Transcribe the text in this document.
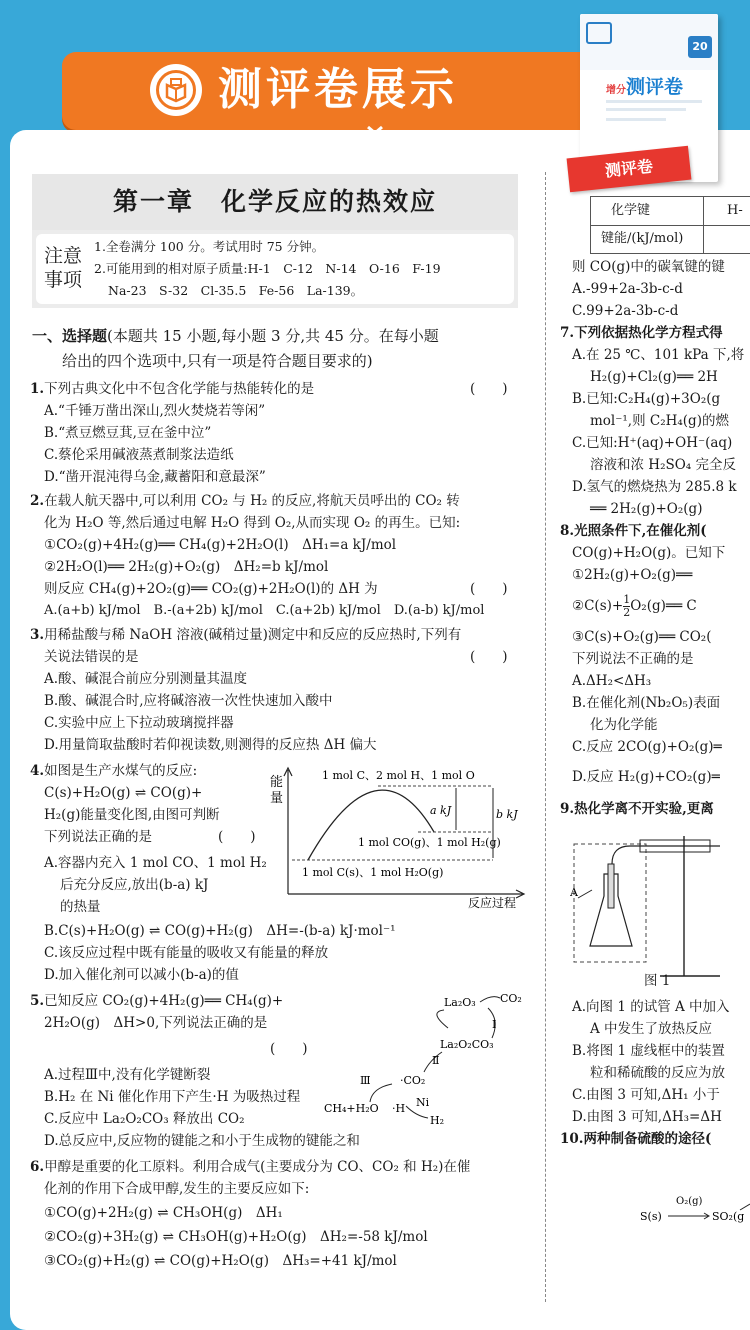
测评卷展示
20
增分测评卷
测评卷
第一章　化学反应的热效应
注意
事项
1.全卷满分 100 分。考试用时 75 分钟。
2.可能用到的相对原子质量:H-1　C-12　N-14　O-16　F-19
Na-23　S-32　Cl-35.5　Fe-56　La-139。
一、选择题(本题共 15 小题,每小题 3 分,共 45 分。在每小题
给出的四个选项中,只有一项是符合题目要求的)
1.下列古典文化中不包含化学能与热能转化的是	(　　)
A.“千锤万凿出深山,烈火焚烧若等闲”
B.“煮豆燃豆萁,豆在釜中泣”
C.蔡伦采用碱液蒸煮制浆法造纸
D.“凿开混沌得乌金,藏蓄阳和意最深”
2.在载人航天器中,可以利用 CO₂ 与 H₂ 的反应,将航天员呼出的 CO₂ 转
化为 H₂O 等,然后通过电解 H₂O 得到 O₂,从而实现 O₂ 的再生。已知:
①CO₂(g)+4H₂(g)══ CH₄(g)+2H₂O(l)　ΔH₁=a kJ/mol
②2H₂O(l)══ 2H₂(g)+O₂(g)　ΔH₂=b kJ/mol
则反应 CH₄(g)+2O₂(g)══ CO₂(g)+2H₂O(l)的 ΔH 为	(　　)
A.(a+b) kJ/mol　B.-(a+2b) kJ/mol　C.(a+2b) kJ/mol　D.(a-b) kJ/mol
3.用稀盐酸与稀 NaOH 溶液(碱稍过量)测定中和反应的反应热时,下列有
关说法错误的是	(　　)
A.酸、碱混合前应分别测量其温度
B.酸、碱混合时,应将碱溶液一次性快速加入酸中
C.实验中应上下拉动玻璃搅拌器
D.用量筒取盐酸时若仰视读数,则测得的反应热 ΔH 偏大
4.如图是生产水煤气的反应:
C(s)+H₂O(g) ⇌ CO(g)+
H₂(g)能量变化图,由图可判断
下列说法正确的是	(　　)
A.容器内充入 1 mol CO、1 mol H₂
后充分反应,放出(b-a) kJ
的热量
B.C(s)+H₂O(g) ⇌ CO(g)+H₂(g)　ΔH=-(b-a) kJ·mol⁻¹
C.该反应过程中既有能量的吸收又有能量的释放
D.加入催化剂可以减小(b-a)的值
能
量
反应过程
1 mol C、2 mol H、1 mol O
a kJ	b kJ
1 mol CO(g)、1 mol H₂(g)
1 mol C(s)、1 mol H₂O(g)
5.已知反应 CO₂(g)+4H₂(g)══ CH₄(g)+
2H₂O(g)　ΔH>0,下列说法正确的是
(　　)
A.过程Ⅲ中,没有化学键断裂
B.H₂ 在 Ni 催化作用下产生·H 为吸热过程
C.反应中 La₂O₂CO₃ 释放出 CO₂
D.总反应中,反应物的键能之和小于生成物的键能之和
La₂O₃ CO₂
Ⅰ
La₂O₂CO₃
Ⅱ
·CO₂
Ⅲ
·H Ni
CH₄+H₂O
H₂
6.甲醇是重要的化工原料。利用合成气(主要成分为 CO、CO₂ 和 H₂)在催
化剂的作用下合成甲醇,发生的主要反应如下:
①CO(g)+2H₂(g) ⇌ CH₃OH(g)　ΔH₁
②CO₂(g)+3H₂(g) ⇌ CH₃OH(g)+H₂O(g)　ΔH₂=-58 kJ/mol
③CO₂(g)+H₂(g) ⇌ CO(g)+H₂O(g)　ΔH₃=+41 kJ/mol
化学键	H-
键能/(kJ/mol)
则 CO(g)中的碳氧键的键
A.-99+2a-3b-c-d
C.99+2a-3b-c-d
7.下列依据热化学方程式得
A.在 25 ℃、101 kPa 下,将
H₂(g)+Cl₂(g)══ 2H
B.已知:C₂H₄(g)+3O₂(g
mol⁻¹,则 C₂H₄(g)的燃
C.已知:H⁺(aq)+OH⁻(aq)
溶液和浓 H₂SO₄ 完全反
D.氢气的燃烧热为 285.8 k
══ 2H₂(g)+O₂(g)
8.光照条件下,在催化剂(
CO(g)+H₂O(g)。已知下
①2H₂(g)+O₂(g)══
②C(s)+ $\frac{1}{2}$ O₂(g)══ C
③C(s)+O₂(g)══ CO₂(
下列说法不正确的是
A.ΔH₂<ΔH₃
B.在催化剂(Nb₂O₅)表面
化为化学能
C.反应 2CO(g)+O₂(g)═
D.反应 H₂(g)+CO₂(g)═
9.热化学离不开实验,更离
A
图 1
A.向图 1 的试管 A 中加入
A 中发生了放热反应
B.将图 1 虚线框中的装置
粒和稀硫酸的反应为放
C.由图 3 可知,ΔH₁ 小于
D.由图 3 可知,ΔH₃=ΔH
10.两种制备硫酸的途径(
S(s)
O₂(g)
SO₂(g
